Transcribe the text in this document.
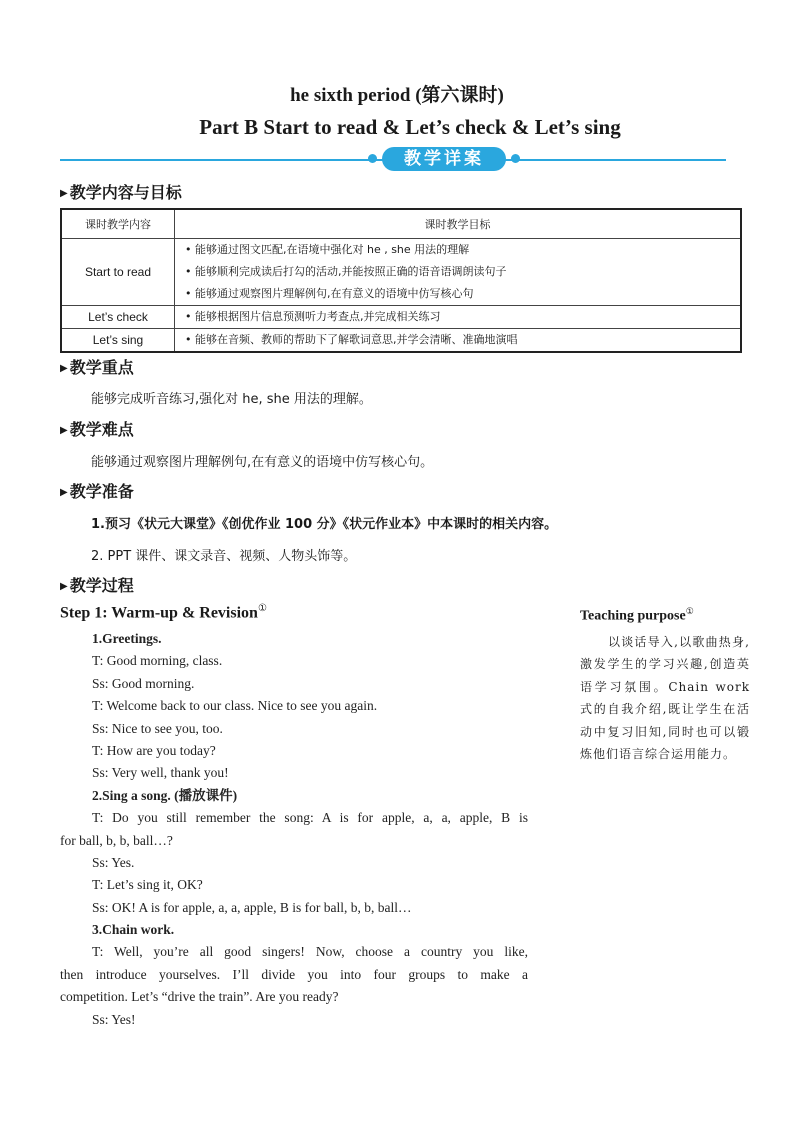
he sixth period (第六课时)
Part B Start to read & Let’s check & Let’s sing
教学详案
▶ 教学内容与目标
课时教学内容	课时教学目标
Start to read	• 能够通过图文匹配,在语境中强化对 he , she 用法的理解
• 能够顺利完成读后打勾的活动,并能按照正确的语音语调朗读句子
• 能够通过观察图片理解例句,在有意义的语境中仿写核心句

Let’s check	• 能够根据图片信息预测听力考查点,并完成相关练习

Let’s sing	• 能够在音频、教师的帮助下了解歌词意思,并学会清晰、准确地演唱
▶ 教学重点
能够完成听音练习,强化对 he, she 用法的理解。
▶ 教学难点
能够通过观察图片理解例句,在有意义的语境中仿写核心句。
▶ 教学准备
1.预习《状元大课堂》《创优作业 100 分》《状元作业本》中本课时的相关内容。
2. PPT 课件、课文录音、视频、人物头饰等。
▶ 教学过程
Step 1: Warm-up & Revision①
1.Greetings.
T: Good morning, class.
Ss: Good morning.
T: Welcome back to our class. Nice to see you again.
Ss: Nice to see you, too.
T: How are you today?
Ss: Very well, thank you!
2.Sing a song. (播放课件)
T: Do you still remember the song: A is for apple, a, a, apple, B is
for ball, b, b, ball…?
Ss: Yes.
T: Let’s sing it, OK?
Ss: OK! A is for apple, a, a, apple, B is for ball, b, b, ball…
3.Chain work.
T: Well, you’re all good singers! Now, choose a country you like,
then introduce yourselves. I’ll divide you into four groups to make a
competition. Let’s “drive the train”. Are you ready?
Ss: Yes!
Teaching purpose①
以谈话导入,以歌曲热身,激发学生的学习兴趣,创造英语学习氛围。Chain work 式的自我介绍,既让学生在活动中复习旧知,同时也可以锻炼他们语言综合运用能力。
